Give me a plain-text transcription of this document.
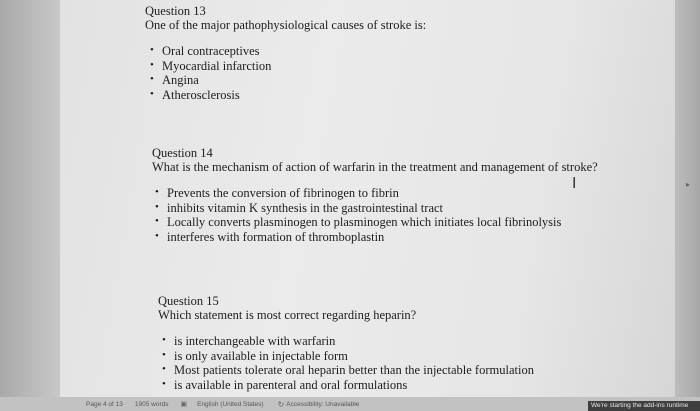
▸
Question 13
One of the major pathophysiological causes of stroke is:
• Oral contraceptives
• Myocardial infarction
• Angina
• Atherosclerosis
Question 14
What is the mechanism of action of warfarin in the treatment and management of stroke?
• Prevents the conversion of fibrinogen to fibrin
• inhibits vitamin K synthesis in the gastrointestinal tract
• Locally converts plasminogen to plasminogen which initiates local fibrinolysis
• interferes with formation of thromboplastin
I
Question 15
Which statement is most correct regarding heparin?
• is interchangeable with warfarin
• is only available in injectable form
• Most patients tolerate oral heparin better than the injectable formulation
• is available in parenteral and oral formulations
Page 4 of 13 1905 words ▣ English (United States) ↻ Accessibility: Unavailable	We're starting the add-ins runtime
